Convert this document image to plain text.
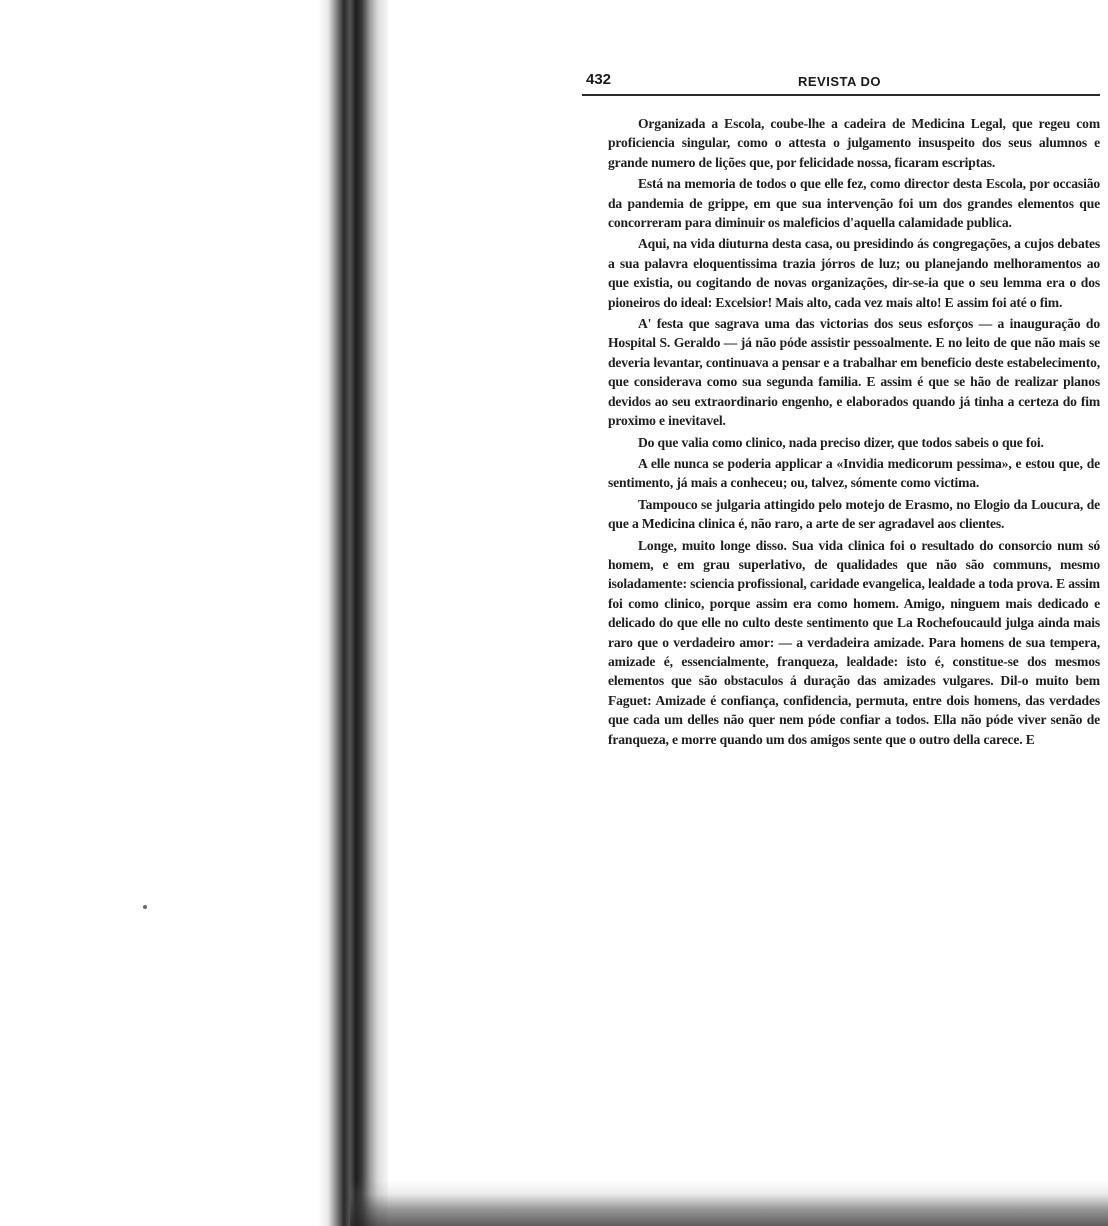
432	REVISTA DO

Organizada a Escola, coube-lhe a cadeira de Medicina Legal, que regeu com proficiencia singular, como o attesta o julgamento insuspeito dos seus alumnos e grande numero de lições que, por felicidade nossa, ficaram escriptas.

Está na memoria de todos o que elle fez, como director desta Escola, por occasião da pandemia de grippe, em que sua intervenção foi um dos grandes elementos que concorreram para diminuir os maleficios d'aquella calamidade publica.

Aqui, na vida diuturna desta casa, ou presidindo ás congregações, a cujos debates a sua palavra eloquentissima trazia jórros de luz; ou planejando melhoramentos ao que existia, ou cogitando de novas organizações, dir-se-ia que o seu lemma era o dos pioneiros do ideal: Excelsior! Mais alto, cada vez mais alto! E assim foi até o fim.

A' festa que sagrava uma das victorias dos seus esforços — a inauguração do Hospital S. Geraldo — já não póde assistir pessoalmente. E no leito de que não mais se deveria levantar, continuava a pensar e a trabalhar em beneficio deste estabelecimento, que considerava como sua segunda familia. E assim é que se hão de realizar planos devidos ao seu extraordinario engenho, e elaborados quando já tinha a certeza do fim proximo e inevitavel.

Do que valia como clinico, nada preciso dizer, que todos sabeis o que foi.

A elle nunca se poderia applicar a «Invidia medicorum pessima», e estou que, de sentimento, já mais a conheceu; ou, talvez, sómente como victima.

Tampouco se julgaria attingido pelo motejo de Erasmo, no Elogio da Loucura, de que a Medicina clinica é, não raro, a arte de ser agradavel aos clientes.

Longe, muito longe disso. Sua vida clinica foi o resultado do consorcio num só homem, e em grau superlativo, de qualidades que não são communs, mesmo isoladamente: sciencia profissional, caridade evangelica, lealdade a toda prova. E assim foi como clinico, porque assim era como homem. Amigo, ninguem mais dedicado e delicado do que elle no culto deste sentimento que La Rochefoucauld julga ainda mais raro que o verdadeiro amor: — a verdadeira amizade. Para homens de sua tempera, amizade é, essencialmente, franqueza, lealdade: isto é, constitue-se dos mesmos elementos que são obstaculos á duração das amizades vulgares. Dil-o muito bem Faguet: Amizade é confiança, confidencia, permuta, entre dois homens, das verdades que cada um delles não quer nem póde confiar a todos. Ella não póde viver senão de franqueza, e morre quando um dos amigos sente que o outro della carece. E
